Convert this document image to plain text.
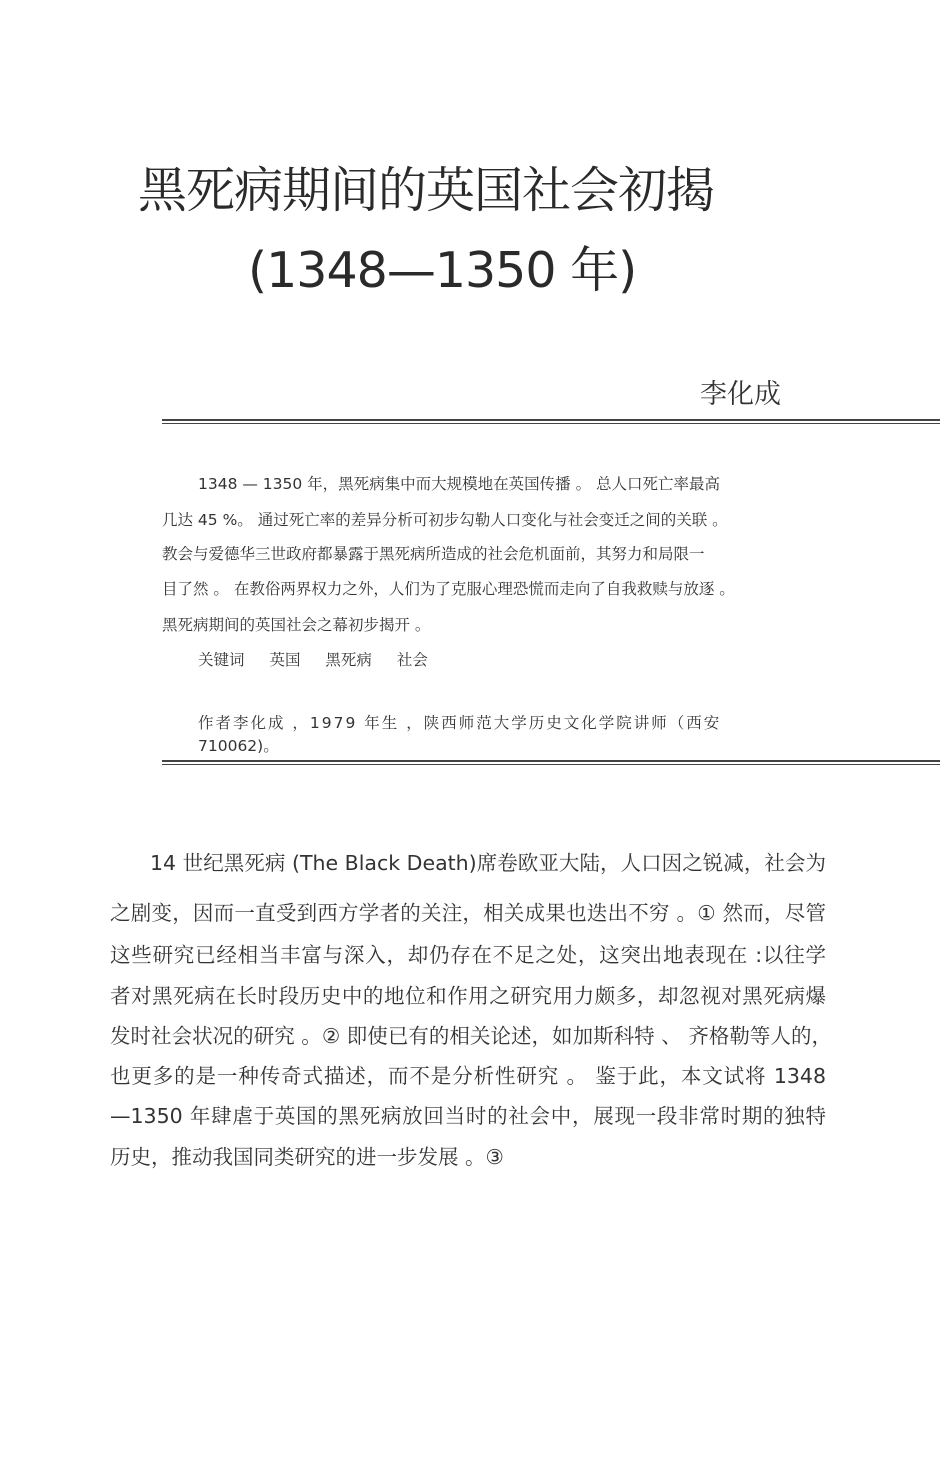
黑死病期间的英国社会初揭
(1348—1350 年)
李化成
1348 — 1350 年，黑死病集中而大规模地在英国传播 。 总人口死亡率最高
几达 45 %。 通过死亡率的差异分析可初步勾勒人口变化与社会变迁之间的关联 。
教会与爱德华三世政府都暴露于黑死病所造成的社会危机面前，其努力和局限一
目了然 。 在教俗两界权力之外，人们为了克服心理恐慌而走向了自我救赎与放逐 。
黑死病期间的英国社会之幕初步揭开 。
关键词 英国 黑死病 社会
作者李化成 ，1979 年生 ，陕西师范大学历史文化学院讲师（西安
710062)。
14 世纪黑死病 (The Black Death)席卷欧亚大陆，人口因之锐减，社会为
之剧变，因而一直受到西方学者的关注，相关成果也迭出不穷 。① 然而，尽管
这些研究已经相当丰富与深入，却仍存在不足之处，这突出地表现在 :以往学
者对黑死病在长时段历史中的地位和作用之研究用力颇多，却忽视对黑死病爆
发时社会状况的研究 。② 即使已有的相关论述，如加斯科特 、 齐格勒等人的，
也更多的是一种传奇式描述，而不是分析性研究 。 鉴于此，本文试将 1348
—1350 年肆虐于英国的黑死病放回当时的社会中，展现一段非常时期的独特
历史，推动我国同类研究的进一步发展 。③
